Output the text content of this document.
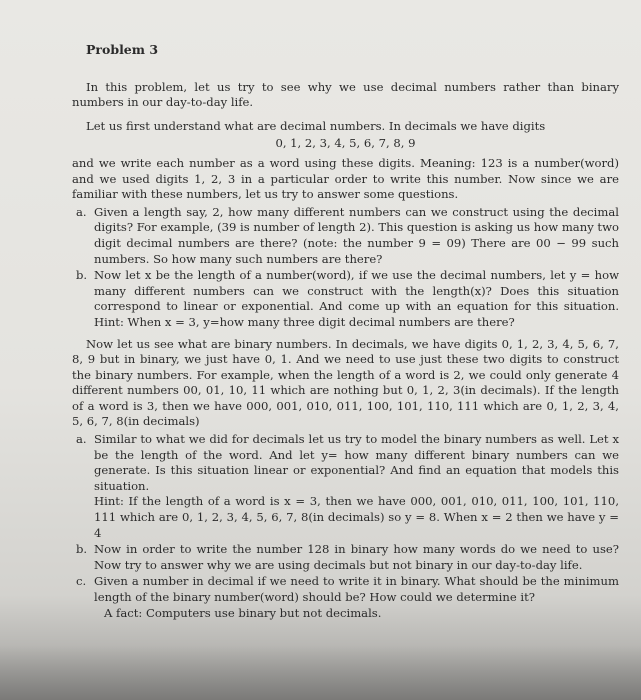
Problem 3

In this problem, let us try to see why we use decimal numbers rather than binary numbers in our day-to-day life.

Let us first understand what are decimal numbers. In decimals we have digits

0, 1, 2, 3, 4, 5, 6, 7, 8, 9

and we write each number as a word using these digits. Meaning: 123 is a number(word) and we used digits 1, 2, 3 in a particular order to write this number. Now since we are familiar with these numbers, let us try to answer some questions.

a. Given a length say, 2, how many different numbers can we construct using the decimal digits? For example, (39 is number of length 2). This question is asking us how many two digit decimal numbers are there? (note: the number 9 = 09) There are 00 − 99 such numbers. So how many such numbers are there?
b. Now let x be the length of a number(word), if we use the decimal numbers, let y = how many different numbers can we construct with the length(x)? Does this situation correspond to linear or exponential. And come up with an equation for this situation. Hint: When x = 3, y=how many three digit decimal numbers are there?

Now let us see what are binary numbers. In decimals, we have digits 0, 1, 2, 3, 4, 5, 6, 7, 8, 9 but in binary, we just have 0, 1. And we need to use just these two digits to construct the binary numbers. For example, when the length of a word is 2, we could only generate 4 different numbers 00, 01, 10, 11 which are nothing but 0, 1, 2, 3(in decimals). If the length of a word is 3, then we have 000, 001, 010, 011, 100, 101, 110, 111 which are 0, 1, 2, 3, 4, 5, 6, 7, 8(in decimals)

a. Similar to what we did for decimals let us try to model the binary numbers as well. Let x be the length of the word. And let y= how many different binary numbers can we generate. Is this situation linear or exponential? And find an equation that models this situation.
Hint: If the length of a word is x = 3, then we have 000, 001, 010, 011, 100, 101, 110, 111 which are 0, 1, 2, 3, 4, 5, 6, 7, 8(in decimals) so y = 8. When x = 2 then we have y = 4
b. Now in order to write the number 128 in binary how many words do we need to use? Now try to answer why we are using decimals but not binary in our day-to-day life.
c. Given a number in decimal if we need to write it in binary. What should be the minimum length of the binary number(word) should be? How could we determine it?
A fact: Computers use binary but not decimals.
